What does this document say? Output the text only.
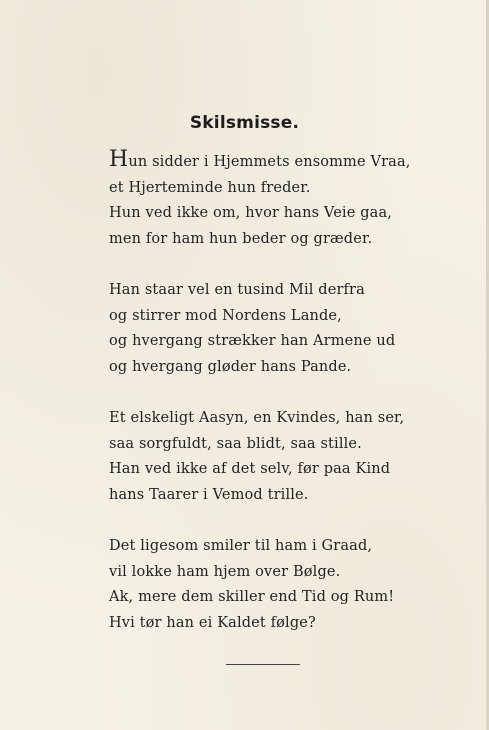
Skilsmisse.
Hun sidder i Hjemmets ensomme Vraa,
et Hjerteminde hun freder.
Hun ved ikke om, hvor hans Veie gaa,
men for ham hun beder og græder.
Han staar vel en tusind Mil derfra
og stirrer mod Nordens Lande,
og hvergang strækker han Armene ud
og hvergang gløder hans Pande.
Et elskeligt Aasyn, en Kvindes, han ser,
saa sorgfuldt, saa blidt, saa stille.
Han ved ikke af det selv, før paa Kind
hans Taarer i Vemod trille.
Det ligesom smiler til ham i Graad,
vil lokke ham hjem over Bølge.
Ak, mere dem skiller end Tid og Rum!
Hvi tør han ei Kaldet følge?
